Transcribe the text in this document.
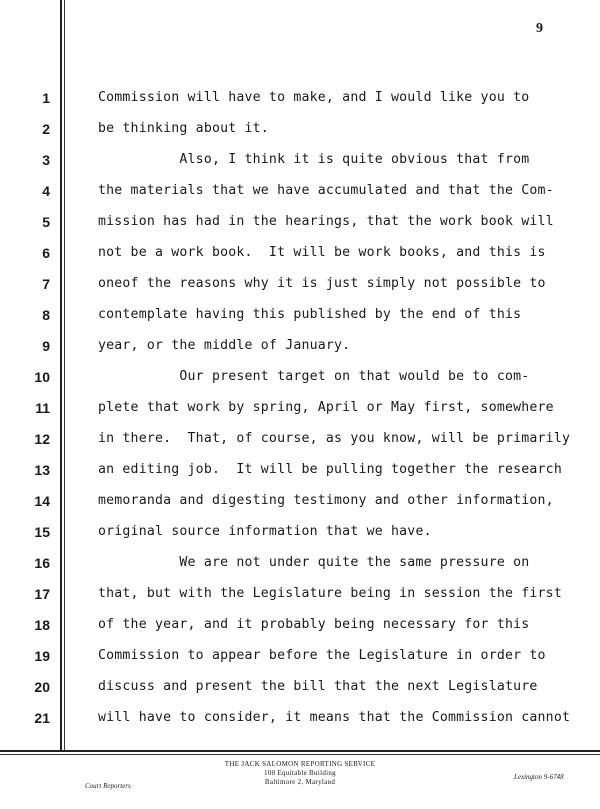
9
1	Commission will have to make, and I would like you to
2	be thinking about it.
3	Also, I think it is quite obvious that from
4	the materials that we have accumulated and that the Com-
5	mission has had in the hearings, that the work book will
6	not be a work book.  It will be work books, and this is
7	oneof the reasons why it is just simply not possible to
8	contemplate having this published by the end of this
9	year, or the middle of January.
10	Our present target on that would be to com-
11	plete that work by spring, April or May first, somewhere
12	in there.  That, of course, as you know, will be primarily
13	an editing job.  It will be pulling together the research
14	memoranda and digesting testimony and other information,
15	original source information that we have.
16	We are not under quite the same pressure on
17	that, but with the Legislature being in session the first
18	of the year, and it probably being necessary for this
19	Commission to appear before the Legislature in order to
20	discuss and present the bill that the next Legislature
21	will have to consider, it means that the Commission cannot
Court Reporters
THE JACK SALOMON REPORTING SERVICE
100 Equitable Building
Baltimore 2, Maryland
Lexington 9-6748
